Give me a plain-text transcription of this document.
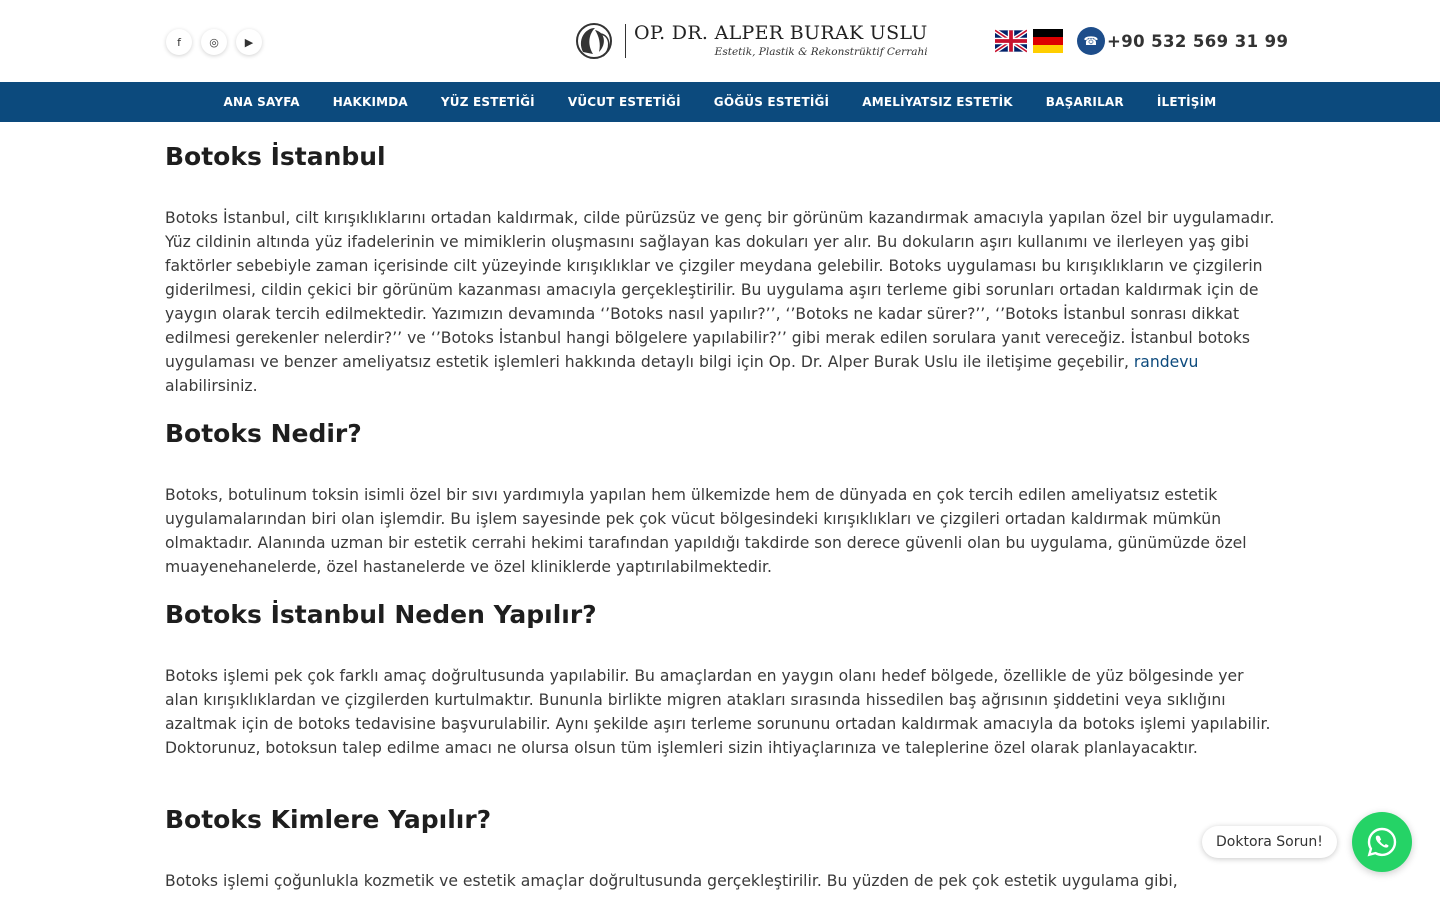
f	◎	▶	OP. DR. ALPER BURAK USLU
Estetik, Plastik & Rekonstrüktif Cerrahi
☎ +90 532 569 31 99
ANA SAYFA	HAKKIMDA	YÜZ ESTETİĞİ	VÜCUT ESTETİĞİ	GÖĞÜS ESTETİĞİ	AMELİYATSIZ ESTETİK	BAŞARILAR	İLETİŞİM
Botoks İstanbul

Botoks İstanbul, cilt kırışıklıklarını ortadan kaldırmak, cilde pürüzsüz ve genç bir görünüm kazandırmak amacıyla yapılan özel bir uygulamadır. Yüz cildinin altında yüz ifadelerinin ve mimiklerin oluşmasını sağlayan kas dokuları yer alır. Bu dokuların aşırı kullanımı ve ilerleyen yaş gibi faktörler sebebiyle zaman içerisinde cilt yüzeyinde kırışıklıklar ve çizgiler meydana gelebilir. Botoks uygulaması bu kırışıklıkların ve çizgilerin giderilmesi, cildin çekici bir görünüm kazanması amacıyla gerçekleştirilir. Bu uygulama aşırı terleme gibi sorunları ortadan kaldırmak için de yaygın olarak tercih edilmektedir. Yazımızın devamında ‘’Botoks nasıl yapılır?’’, ‘’Botoks ne kadar sürer?’’, ‘’Botoks İstanbul sonrası dikkat edilmesi gerekenler nelerdir?’’ ve ‘’Botoks İstanbul hangi bölgelere yapılabilir?’’ gibi merak edilen sorulara yanıt vereceğiz. İstanbul botoks uygulaması ve benzer ameliyatsız estetik işlemleri hakkında detaylı bilgi için Op. Dr. Alper Burak Uslu ile iletişime geçebilir, randevu alabilirsiniz.

Botoks Nedir?

Botoks, botulinum toksin isimli özel bir sıvı yardımıyla yapılan hem ülkemizde hem de dünyada en çok tercih edilen ameliyatsız estetik uygulamalarından biri olan işlemdir. Bu işlem sayesinde pek çok vücut bölgesindeki kırışıklıkları ve çizgileri ortadan kaldırmak mümkün olmaktadır. Alanında uzman bir estetik cerrahi hekimi tarafından yapıldığı takdirde son derece güvenli olan bu uygulama, günümüzde özel muayenehanelerde, özel hastanelerde ve özel kliniklerde yaptırılabilmektedir.

Botoks İstanbul Neden Yapılır?

Botoks işlemi pek çok farklı amaç doğrultusunda yapılabilir. Bu amaçlardan en yaygın olanı hedef bölgede, özellikle de yüz bölgesinde yer alan kırışıklıklardan ve çizgilerden kurtulmaktır. Bununla birlikte migren atakları sırasında hissedilen baş ağrısının şiddetini veya sıklığını azaltmak için de botoks tedavisine başvurulabilir. Aynı şekilde aşırı terleme sorununu ortadan kaldırmak amacıyla da botoks işlemi yapılabilir. Doktorunuz, botoksun talep edilme amacı ne olursa olsun tüm işlemleri sizin ihtiyaçlarınıza ve taleplerine özel olarak planlayacaktır.

Botoks Kimlere Yapılır?

Botoks işlemi çoğunlukla kozmetik ve estetik amaçlar doğrultusunda gerçekleştirilir. Bu yüzden de pek çok estetik uygulama gibi,

Doktora Sorun!
